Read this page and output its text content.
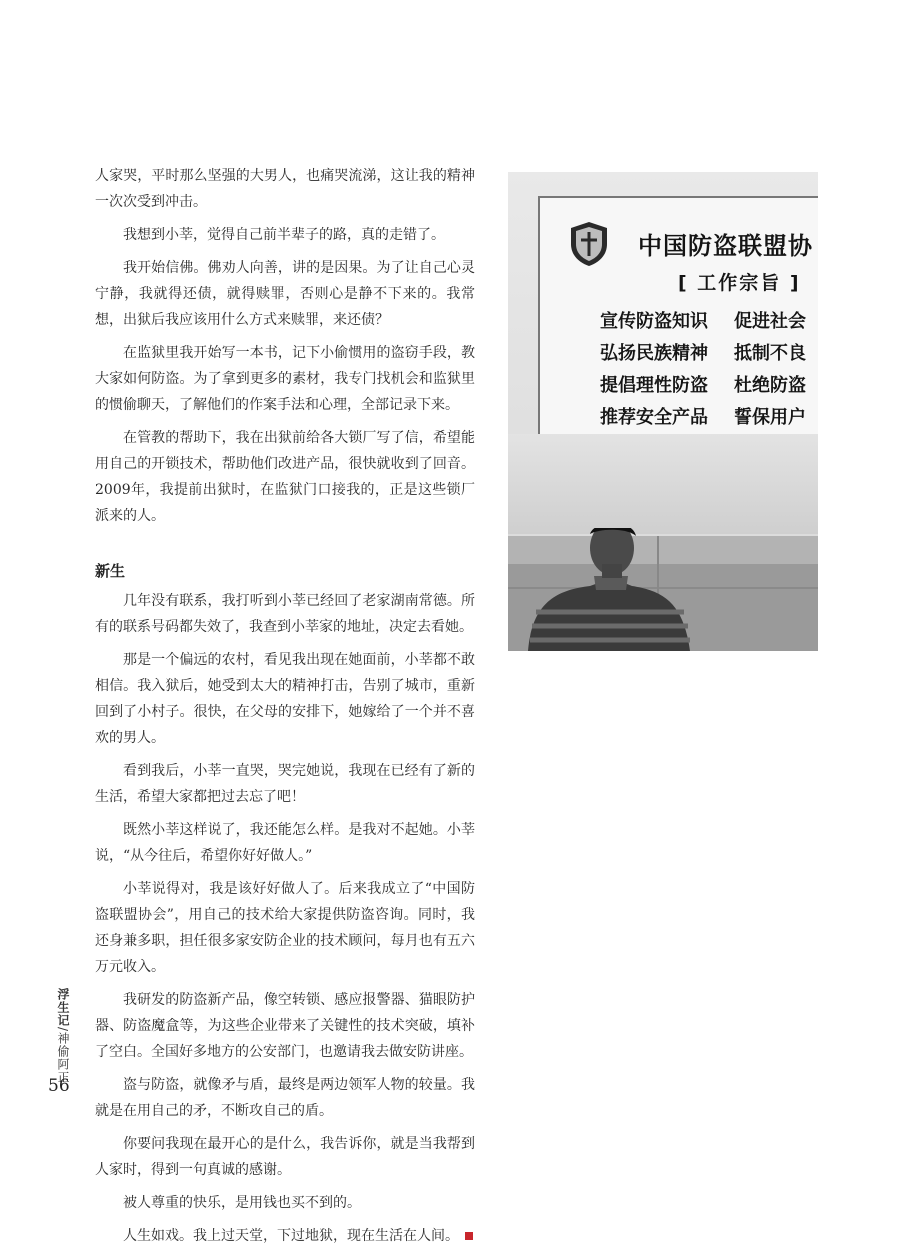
人家哭，平时那么坚强的大男人，也痛哭流涕，这让我的精神一次次受到冲击。

我想到小莘，觉得自己前半辈子的路，真的走错了。

我开始信佛。佛劝人向善，讲的是因果。为了让自己心灵宁静，我就得还债，就得赎罪，否则心是静不下来的。我常想，出狱后我应该用什么方式来赎罪，来还债？

在监狱里我开始写一本书，记下小偷惯用的盗窃手段，教大家如何防盗。为了拿到更多的素材，我专门找机会和监狱里的惯偷聊天，了解他们的作案手法和心理，全部记录下来。

在管教的帮助下，我在出狱前给各大锁厂写了信，希望能用自己的开锁技术，帮助他们改进产品，很快就收到了回音。2009年，我提前出狱时，在监狱门口接我的，正是这些锁厂派来的人。

新生

几年没有联系，我打听到小莘已经回了老家湖南常德。所有的联系号码都失效了，我查到小莘家的地址，决定去看她。

那是一个偏远的农村，看见我出现在她面前，小莘都不敢相信。我入狱后，她受到太大的精神打击，告别了城市，重新回到了小村子。很快，在父母的安排下，她嫁给了一个并不喜欢的男人。

看到我后，小莘一直哭，哭完她说，我现在已经有了新的生活，希望大家都把过去忘了吧！

既然小莘这样说了，我还能怎么样。是我对不起她。小莘说，“从今往后，希望你好好做人。”

小莘说得对，我是该好好做人了。后来我成立了“中国防盗联盟协会”，用自己的技术给大家提供防盗咨询。同时，我还身兼多职，担任很多家安防企业的技术顾问，每月也有五六万元收入。

我研发的防盗新产品，像空转锁、感应报警器、猫眼防护器、防盗魔盒等，为这些企业带来了关键性的技术突破，填补了空白。全国好多地方的公安部门，也邀请我去做安防讲座。

盗与防盗，就像矛与盾，最终是两边领军人物的较量。我就是在用自己的矛，不断攻自己的盾。

你要问我现在最开心的是什么，我告诉你，就是当我帮到人家时，得到一句真诚的感谢。

被人尊重的快乐，是用钱也买不到的。

人生如戏。我上过天堂，下过地狱，现在生活在人间。

中国防盗联盟协
[ 工作宗旨 ]
宣传防盗知识 促进社会
弘扬民族精神 抵制不良
提倡理性防盗 杜绝防盗
推荐安全产品 誓保用户
浮生记/神偷阿正
56
